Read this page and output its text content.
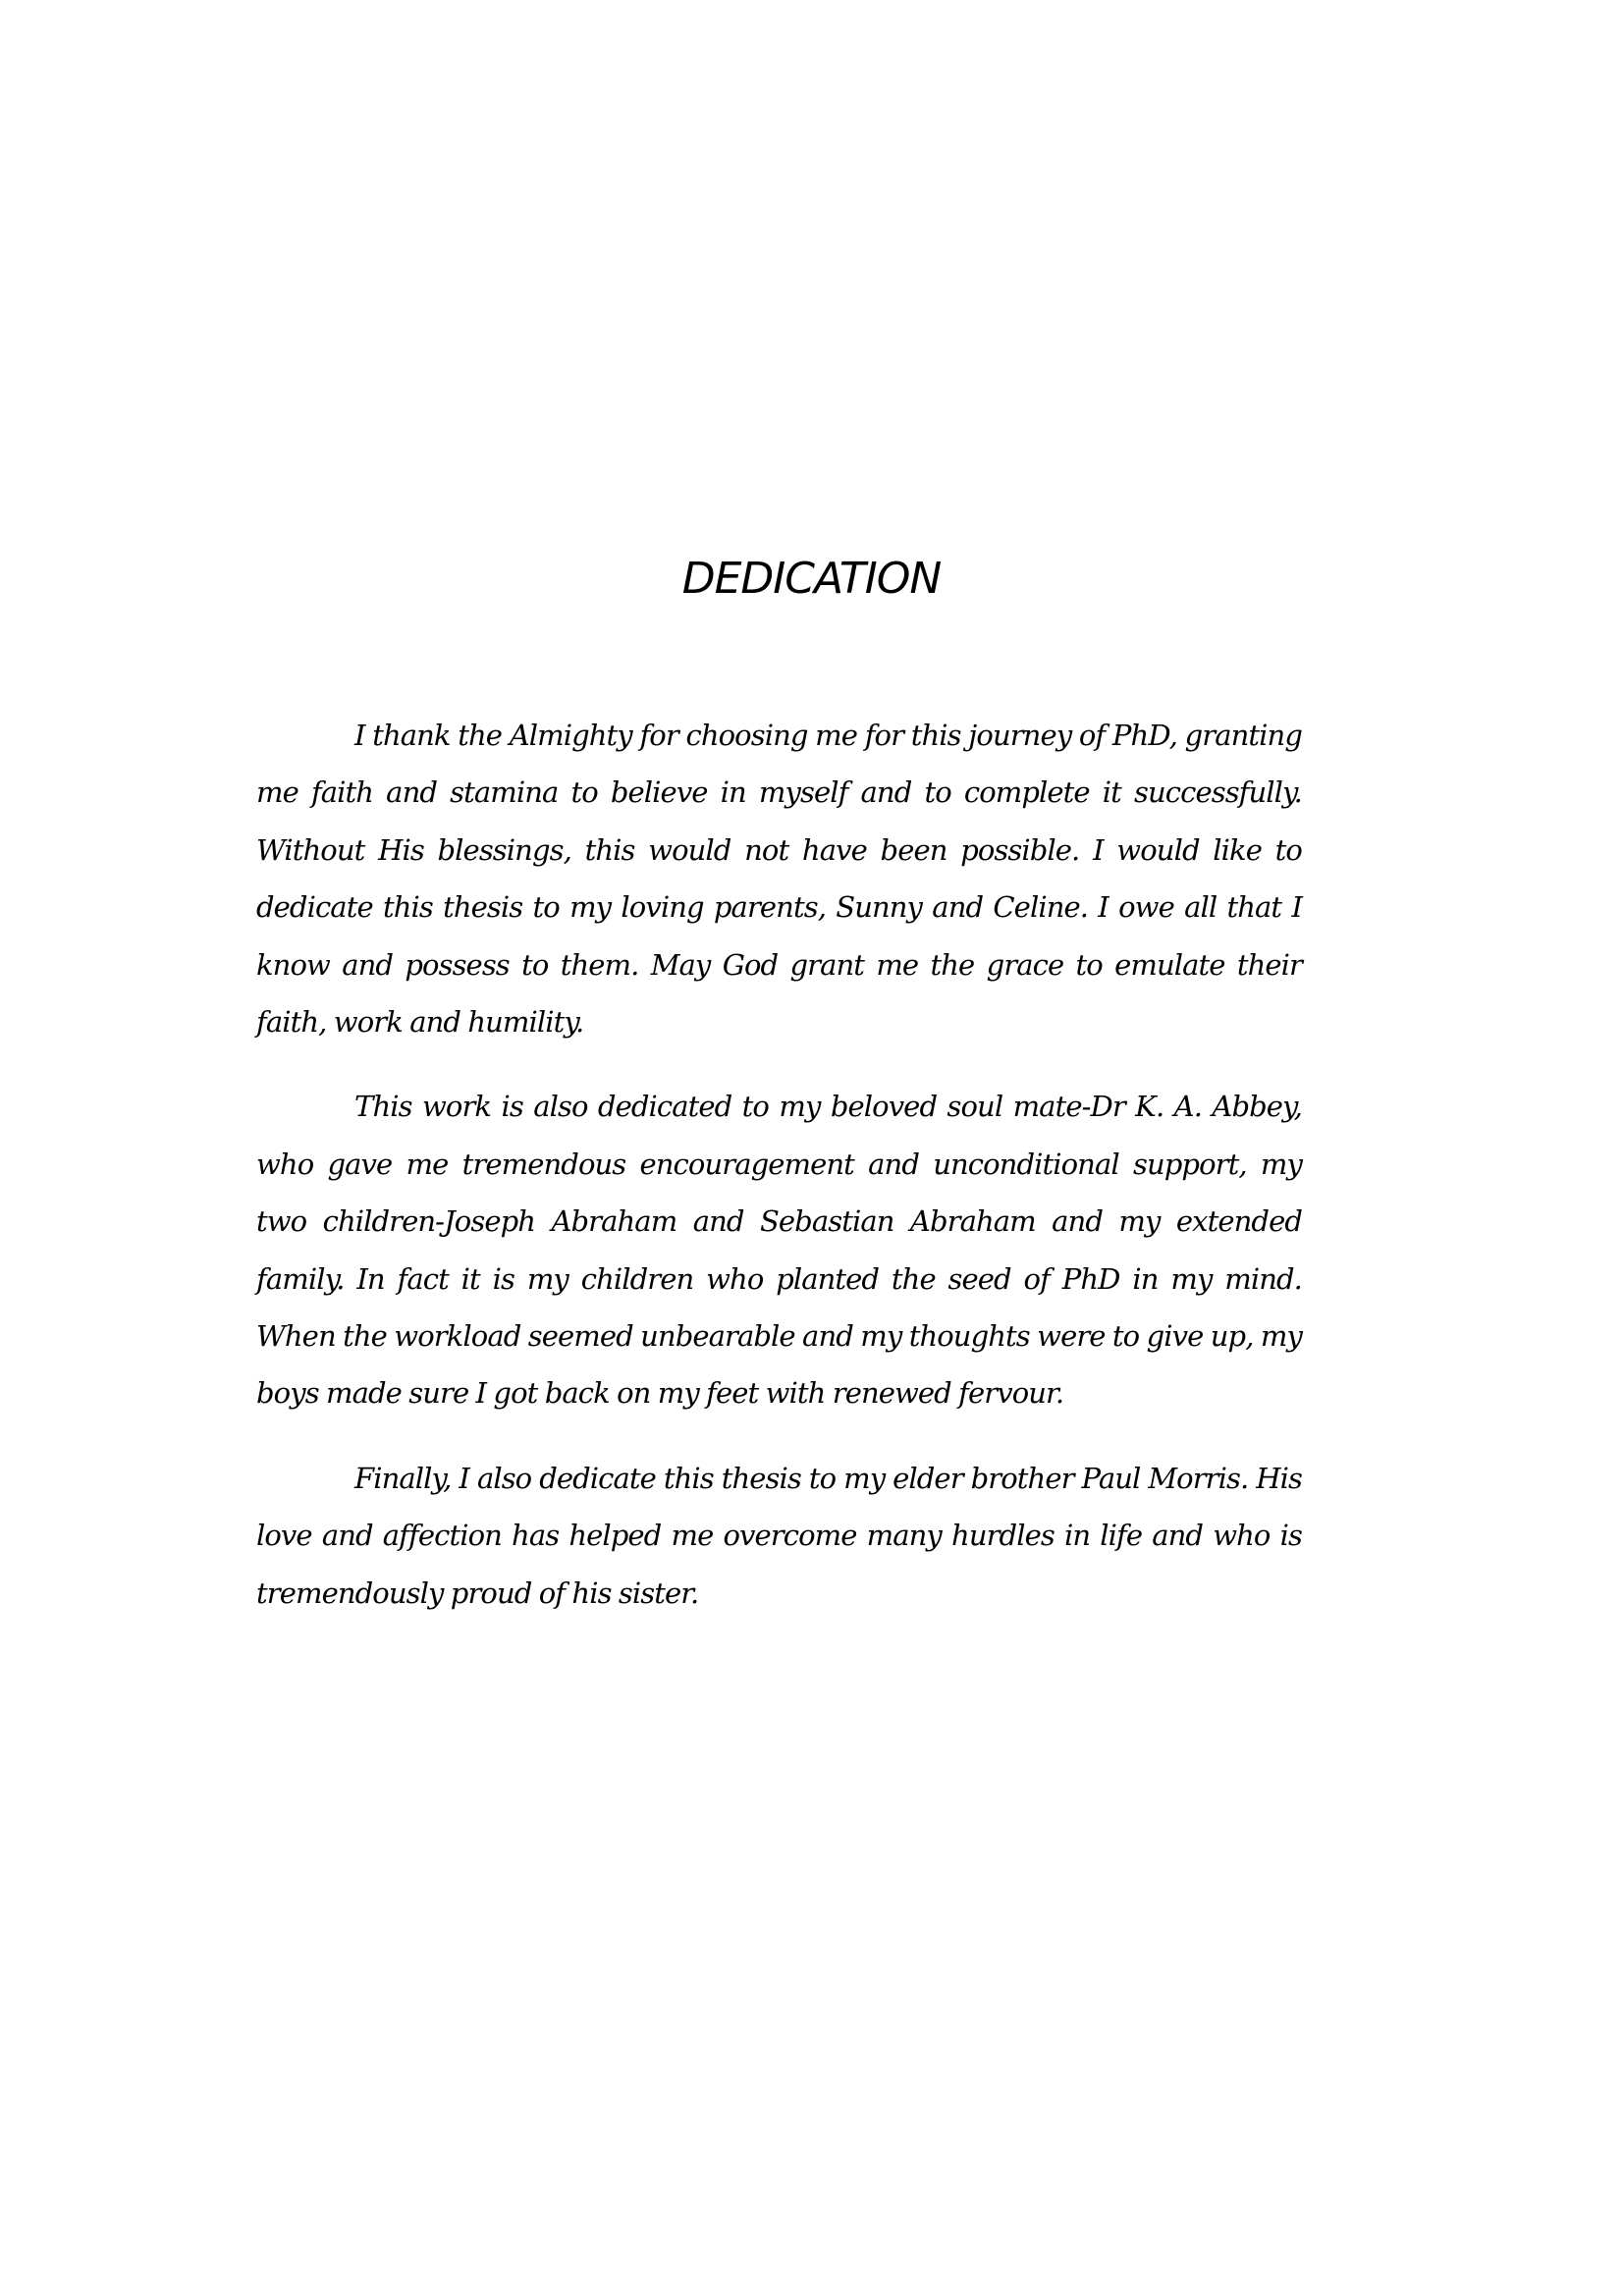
DEDICATION

I thank the Almighty for choosing me for this journey of PhD, granting me faith and stamina to believe in myself and to complete it successfully. Without His blessings, this would not have been possible. I would like to dedicate this thesis to my loving parents, Sunny and Celine. I owe all that I know and possess to them. May God grant me the grace to emulate their faith, work and humility.

This work is also dedicated to my beloved soul mate-Dr K. A. Abbey, who gave me tremendous encouragement and unconditional support, my two children-Joseph Abraham and Sebastian Abraham and my extended family. In fact it is my children who planted the seed of PhD in my mind. When the workload seemed unbearable and my thoughts were to give up, my boys made sure I got back on my feet with renewed fervour.

Finally, I also dedicate this thesis to my elder brother Paul Morris. His love and affection has helped me overcome many hurdles in life and who is tremendously proud of his sister.
